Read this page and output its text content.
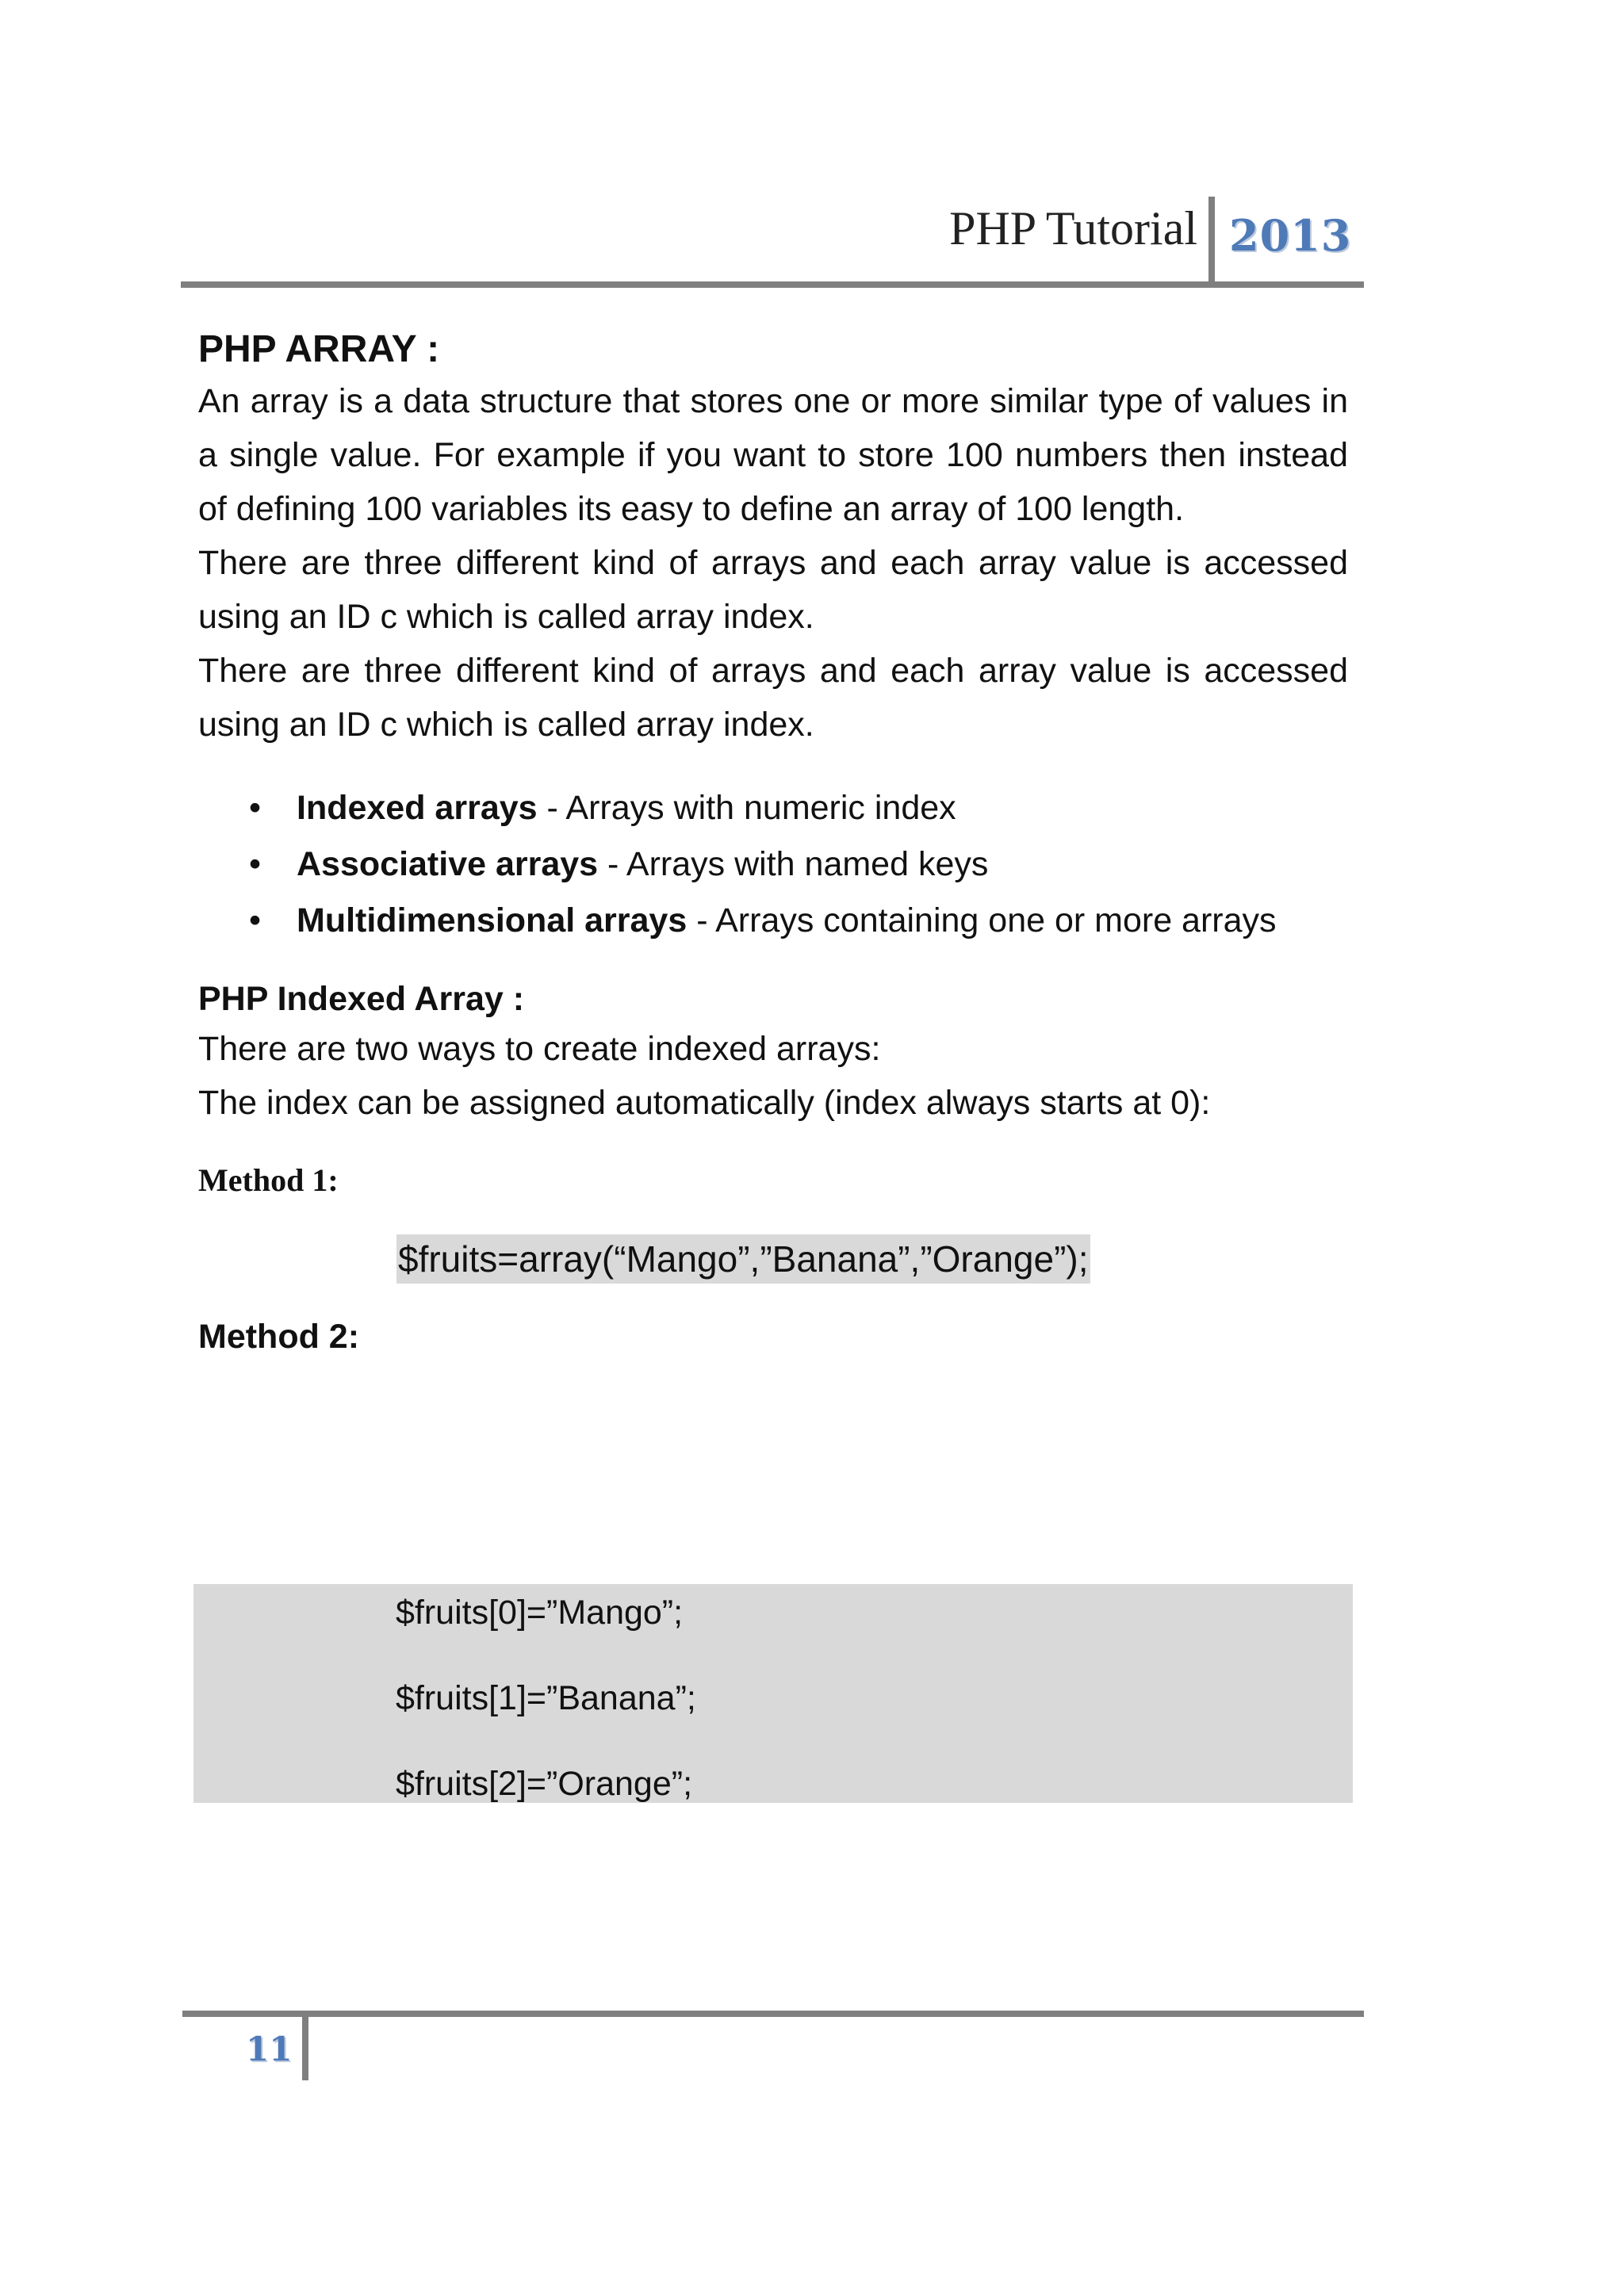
PHP Tutorial 2013
PHP ARRAY :

An array is a data structure that stores one or more similar type of values in a single value. For example if you want to store 100 numbers then instead of defining 100 variables its easy to define an array of 100 length.

There are three different kind of arrays and each array value is accessed using an ID c which is called array index.

There are three different kind of arrays and each array value is accessed using an ID c which is called array index.

• Indexed arrays - Arrays with numeric index
• Associative arrays - Arrays with named keys
• Multidimensional arrays - Arrays containing one or more arrays
PHP Indexed Array :

There are two ways to create indexed arrays:

The index can be assigned automatically (index always starts at 0):

Method 1:
$fruits=array(“Mango”,”Banana”,”Orange”);
Method 2:
$fruits[0]=”Mango”;
$fruits[1]=”Banana”;
$fruits[2]=”Orange”;
11
